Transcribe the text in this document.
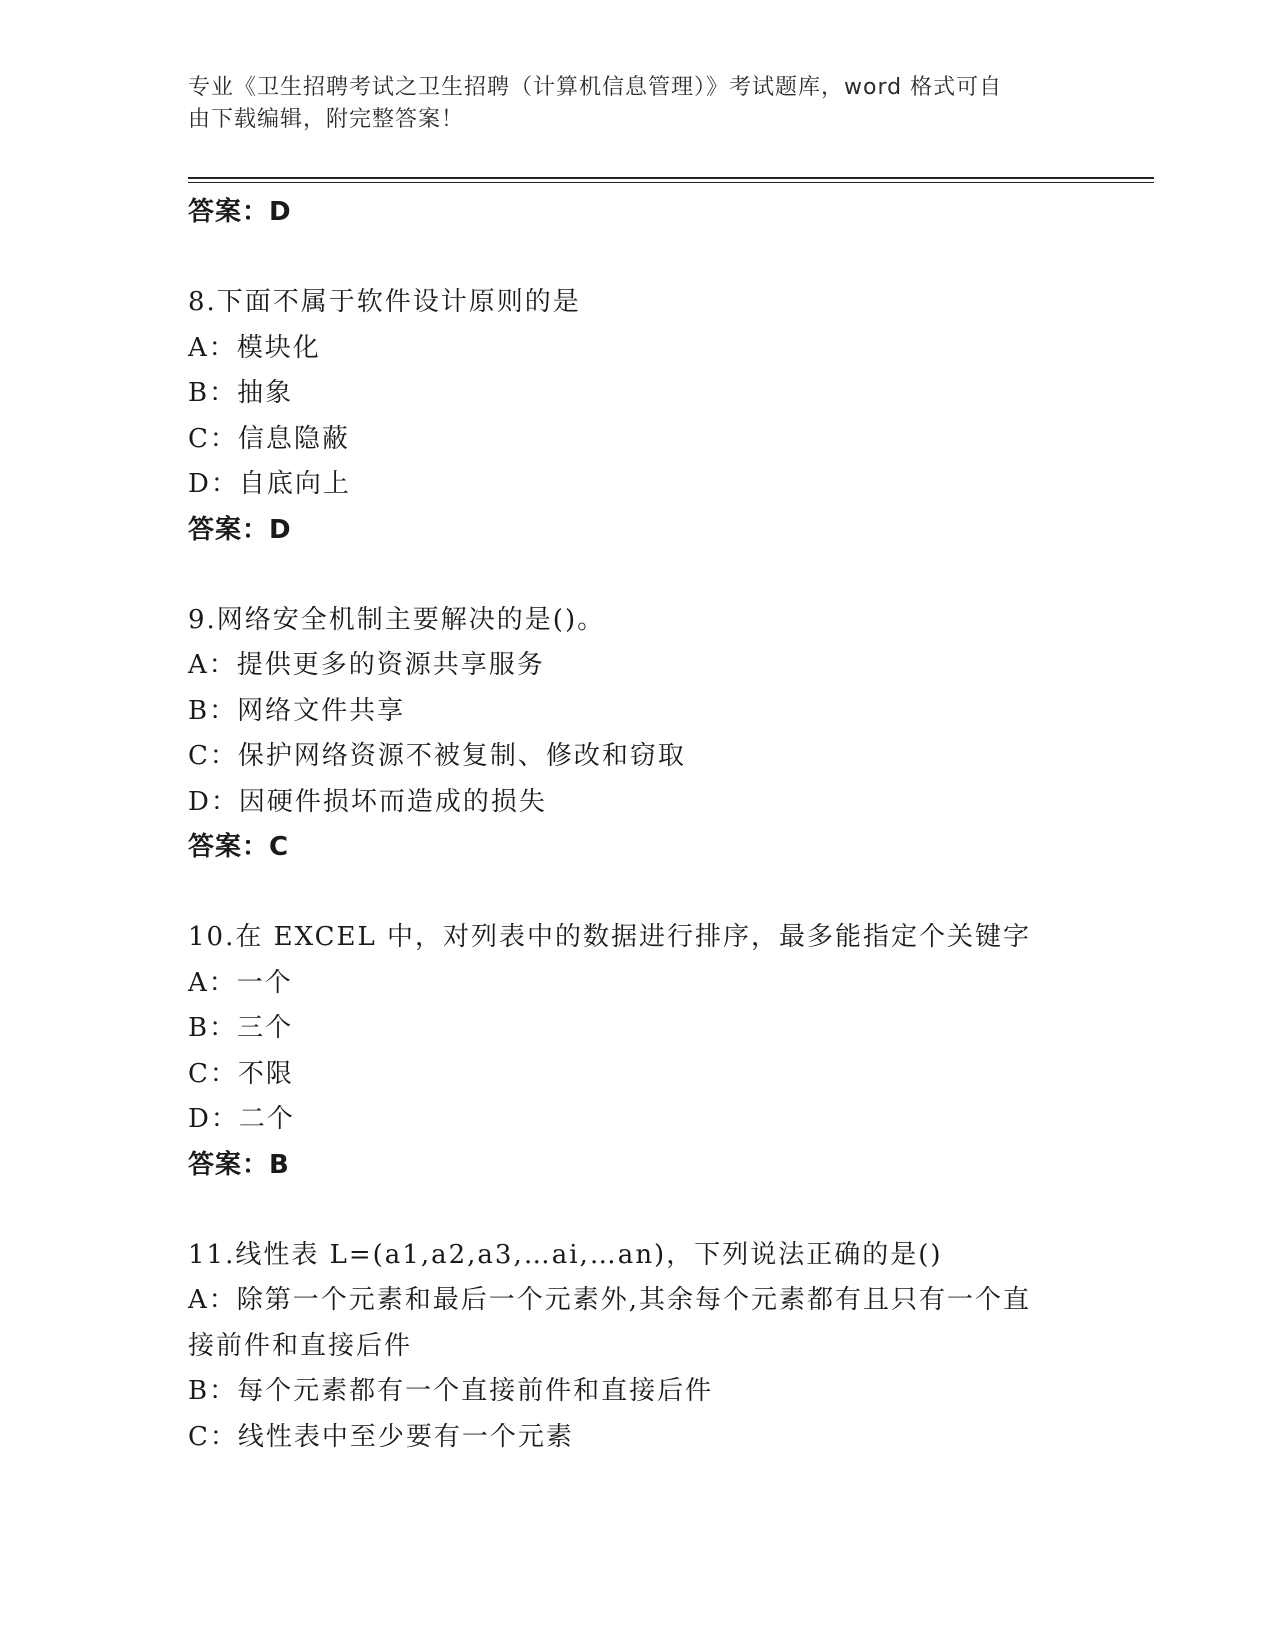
专业《卫生招聘考试之卫生招聘（计算机信息管理）》考试题库，word 格式可自
由下载编辑，附完整答案！
答案：D
8.下面不属于软件设计原则的是
A：模块化
B：抽象
C：信息隐蔽
D：自底向上
答案：D
9.网络安全机制主要解决的是()。
A：提供更多的资源共享服务
B：网络文件共享
C：保护网络资源不被复制、修改和窃取
D：因硬件损坏而造成的损失
答案：C
10.在 EXCEL 中，对列表中的数据进行排序，最多能指定个关键字
A：一个
B：三个
C：不限
D：二个
答案：B
11.线性表 L=(a1,a2,a3,…ai,…an)，下列说法正确的是()
A：除第一个元素和最后一个元素外,其余每个元素都有且只有一个直
接前件和直接后件
B：每个元素都有一个直接前件和直接后件
C：线性表中至少要有一个元素
